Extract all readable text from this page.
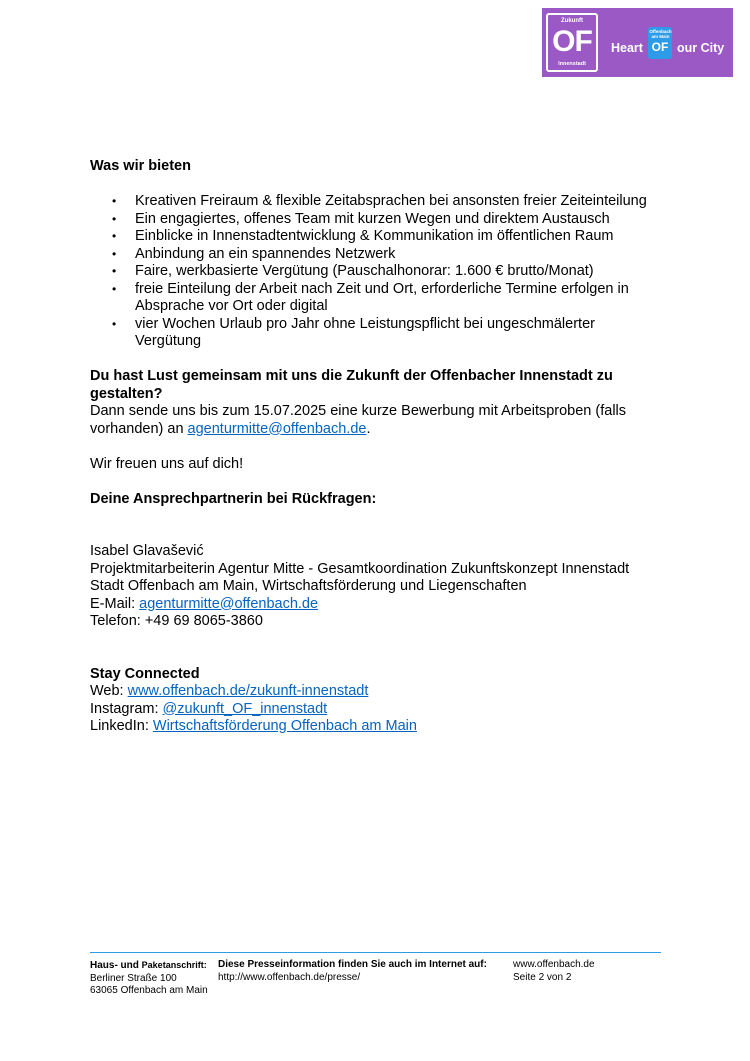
Zukunft
OF
Innenstadt
Heart
Offenbach
am Main
OF our City
Was wir bieten
• Kreativen Freiraum & flexible Zeitabsprachen bei ansonsten freier Zeiteinteilung
• Ein engagiertes, offenes Team mit kurzen Wegen und direktem Austausch
• Einblicke in Innenstadtentwicklung & Kommunikation im öffentlichen Raum
• Anbindung an ein spannendes Netzwerk
• Faire, werkbasierte Vergütung (Pauschalhonorar: 1.600 € brutto/Monat)
• freie Einteilung der Arbeit nach Zeit und Ort, erforderliche Termine erfolgen in Absprache vor Ort oder digital
• vier Wochen Urlaub pro Jahr ohne Leistungspflicht bei ungeschmälerter Vergütung
Du hast Lust gemeinsam mit uns die Zukunft der Offenbacher Innenstadt zu gestalten?
Dann sende uns bis zum 15.07.2025 eine kurze Bewerbung mit Arbeitsproben (falls vorhanden) an agenturmitte@offenbach.de.
Wir freuen uns auf dich!
Deine Ansprechpartnerin bei Rückfragen:
Isabel Glavašević
Projektmitarbeiterin Agentur Mitte - Gesamtkoordination Zukunftskonzept Innenstadt
Stadt Offenbach am Main, Wirtschaftsförderung und Liegenschaften
E-Mail: agenturmitte@offenbach.de
Telefon: +49 69 8065-3860
Stay Connected
Web: www.offenbach.de/zukunft-innenstadt
Instagram: @zukunft_OF_innenstadt
LinkedIn: Wirtschaftsförderung Offenbach am Main
Haus- und Paketanschrift:
Berliner Straße 100
63065 Offenbach am Main
Diese Presseinformation finden Sie auch im Internet auf:
http://www.offenbach.de/presse/
www.offenbach.de
Seite 2 von 2
